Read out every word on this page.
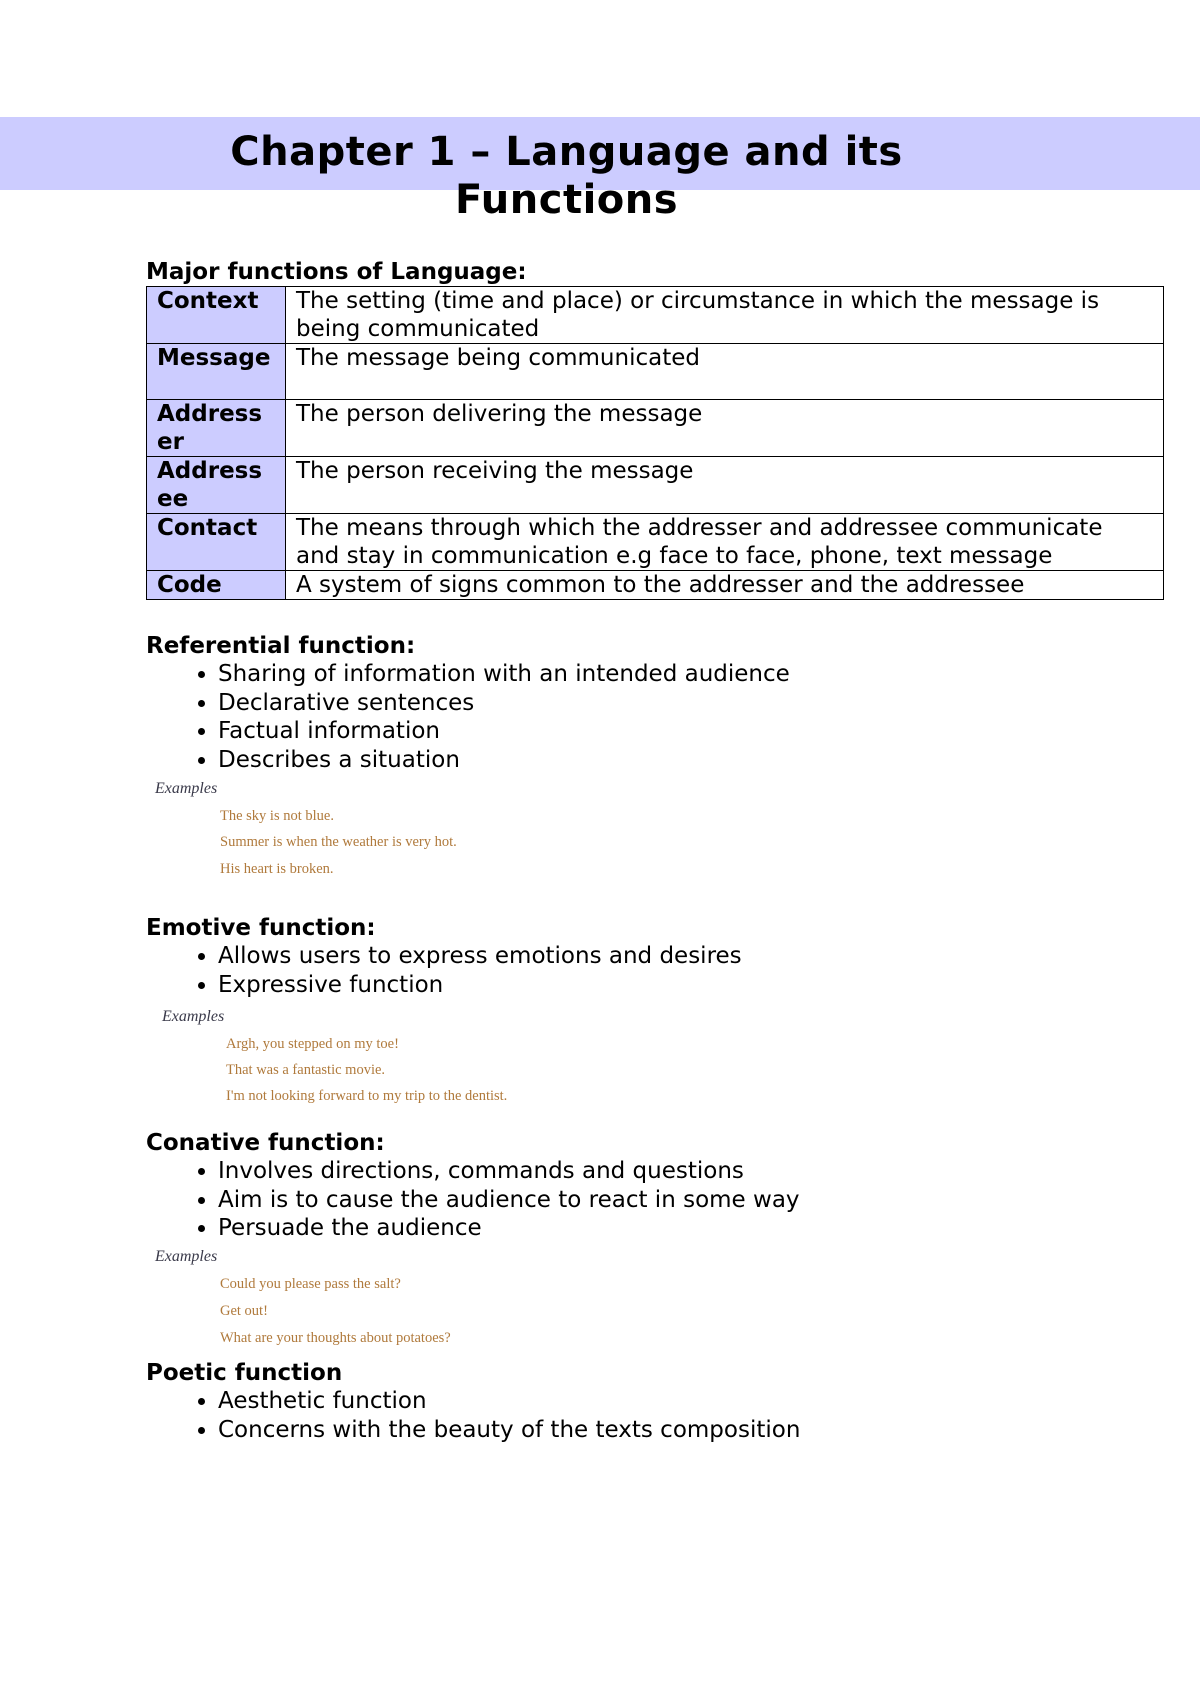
Chapter 1 – Language and its
Functions
Major functions of Language:
Context	The setting (time and place) or circumstance in which the message is being communicated
Message	The message being communicated
Addresser	The person delivering the message
Addressee	The person receiving the message
Contact	The means through which the addresser and addressee communicate and stay in communication e.g face to face, phone, text message
Code	A system of signs common to the addresser and the addressee
Referential function:
• Sharing of information with an intended audience
• Declarative sentences
• Factual information
• Describes a situation
Examples
The sky is not blue.
Summer is when the weather is very hot.
His heart is broken.
Emotive function:
• Allows users to express emotions and desires
• Expressive function
Examples
Argh, you stepped on my toe!
That was a fantastic movie.
I'm not looking forward to my trip to the dentist.
Conative function:
• Involves directions, commands and questions
• Aim is to cause the audience to react in some way
• Persuade the audience
Examples
Could you please pass the salt?
Get out!
What are your thoughts about potatoes?
Poetic function
• Aesthetic function
• Concerns with the beauty of the texts composition
